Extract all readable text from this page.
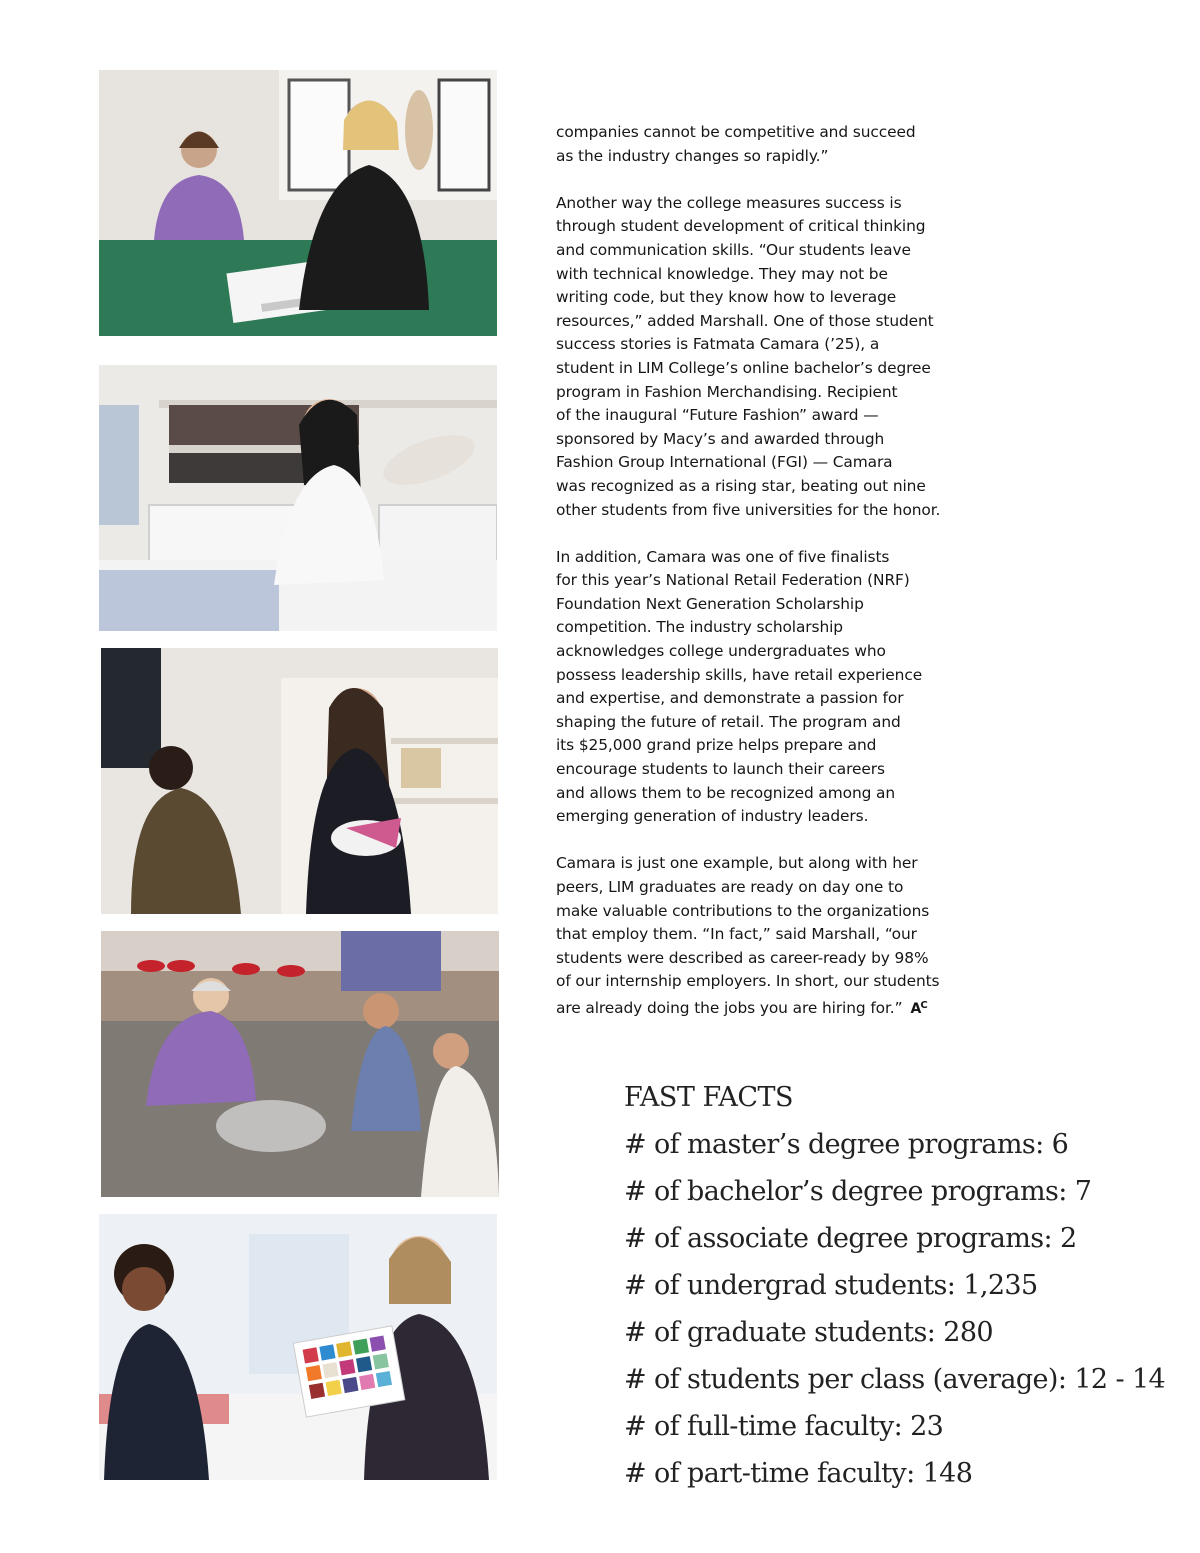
companies cannot be competitive and succeed
as the industry changes so rapidly.”

Another way the college measures success is
through student development of critical thinking
and communication skills. “Our students leave
with technical knowledge. They may not be
writing code, but they know how to leverage
resources,” added Marshall. One of those student
success stories is Fatmata Camara (’25), a
student in LIM College’s online bachelor’s degree
program in Fashion Merchandising. Recipient
of the inaugural “Future Fashion” award —
sponsored by Macy’s and awarded through
Fashion Group International (FGI) — Camara
was recognized as a rising star, beating out nine
other students from five universities for the honor.

In addition, Camara was one of five finalists
for this year’s National Retail Federation (NRF)
Foundation Next Generation Scholarship
competition. The industry scholarship
acknowledges college undergraduates who
possess leadership skills, have retail experience
and expertise, and demonstrate a passion for
shaping the future of retail. The program and
its $25,000 grand prize helps prepare and
encourage students to launch their careers
and allows them to be recognized among an
emerging generation of industry leaders.

Camara is just one example, but along with her
peers, LIM graduates are ready on day one to
make valuable contributions to the organizations
that employ them. “In fact,” said Marshall, “our
students were described as career-ready by 98%
of our internship employers. In short, our students
are already doing the jobs you are hiring for.” $A^C$

FAST FACTS

# of master’s degree programs: 6

# of bachelor’s degree programs: 7

# of associate degree programs: 2

# of undergrad students: 1,235

# of graduate students: 280

# of students per class (average): 12 - 14

# of full-time faculty: 23

# of part-time faculty: 148
